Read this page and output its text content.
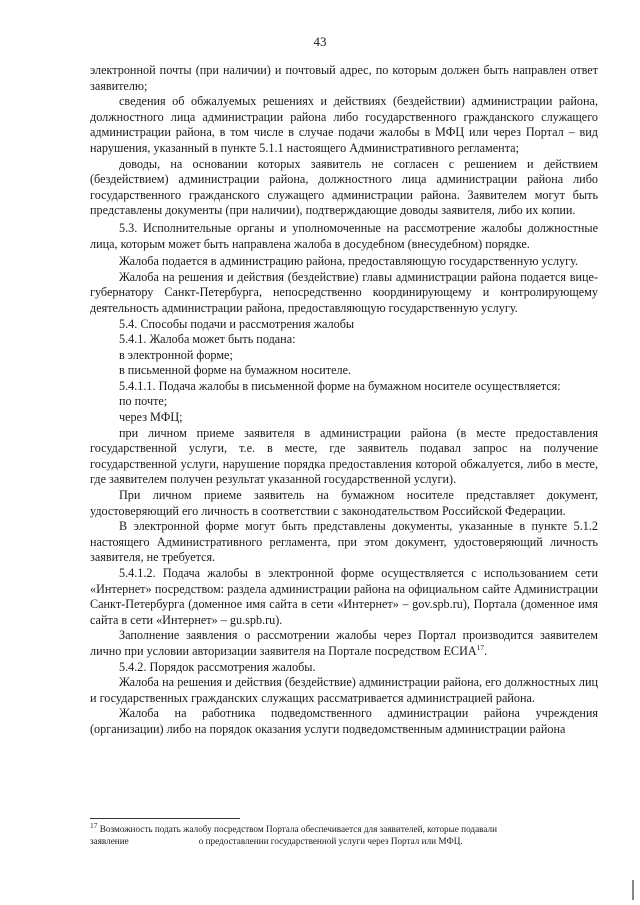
43

электронной почты (при наличии) и почтовый адрес, по которым должен быть направлен ответ заявителю;

сведения об обжалуемых решениях и действиях (бездействии) администрации района, должностного лица администрации района либо государственного гражданского служащего администрации района, в том числе в случае подачи жалобы в МФЦ или через Портал – вид нарушения, указанный в пункте 5.1.1 настоящего Административного регламента;

доводы, на основании которых заявитель не согласен с решением и действием (бездействием) администрации района, должностного лица администрации района либо государственного гражданского служащего администрации района. Заявителем могут быть представлены документы (при наличии), подтверждающие доводы заявителя, либо их копии.

5.3. Исполнительные органы и уполномоченные на рассмотрение жалобы должностные лица, которым может быть направлена жалоба в досудебном (внесудебном) порядке.

Жалоба подается в администрацию района, предоставляющую государственную услугу.

Жалоба на решения и действия (бездействие) главы администрации района подается вице-губернатору Санкт-Петербурга, непосредственно координирующему и контролирующему деятельность администрации района, предоставляющую государственную услугу.

5.4. Способы подачи и рассмотрения жалобы

5.4.1. Жалоба может быть подана:

в электронной форме;

в письменной форме на бумажном носителе.

5.4.1.1. Подача жалобы в письменной форме на бумажном носителе осуществляется:

по почте;

через МФЦ;

при личном приеме заявителя в администрации района (в месте предоставления государственной услуги, т.е. в месте, где заявитель подавал запрос на получение государственной услуги, нарушение порядка предоставления которой обжалуется, либо в месте, где заявителем получен результат указанной государственной услуги).

При личном приеме заявитель на бумажном носителе представляет документ, удостоверяющий его личность в соответствии с законодательством Российской Федерации.

В электронной форме могут быть представлены документы, указанные в пункте 5.1.2 настоящего Административного регламента, при этом документ, удостоверяющий личность заявителя, не требуется.

5.4.1.2. Подача жалобы в электронной форме осуществляется с использованием сети «Интернет» посредством: раздела администрации района на официальном сайте Администрации Санкт-Петербурга (доменное имя сайта в сети «Интернет» – gov.spb.ru), Портала (доменное имя сайта в сети «Интернет» – gu.spb.ru).

Заполнение заявления о рассмотрении жалобы через Портал производится заявителем лично при условии авторизации заявителя на Портале посредством ЕСИА$^{17}$.

5.4.2. Порядок рассмотрения жалобы.

Жалоба на решения и действия (бездействие) администрации района, его должностных лиц и государственных гражданских служащих рассматривается администрацией района.

Жалоба на работника подведомственного администрации района учреждения (организации) либо на порядок оказания услуги подведомственным администрации района

$^{17}$ Возможность подать жалобу посредством Портала обеспечивается для заявителей, которые подавали
заявление	о предоставлении государственной услуги через Портал или МФЦ.
